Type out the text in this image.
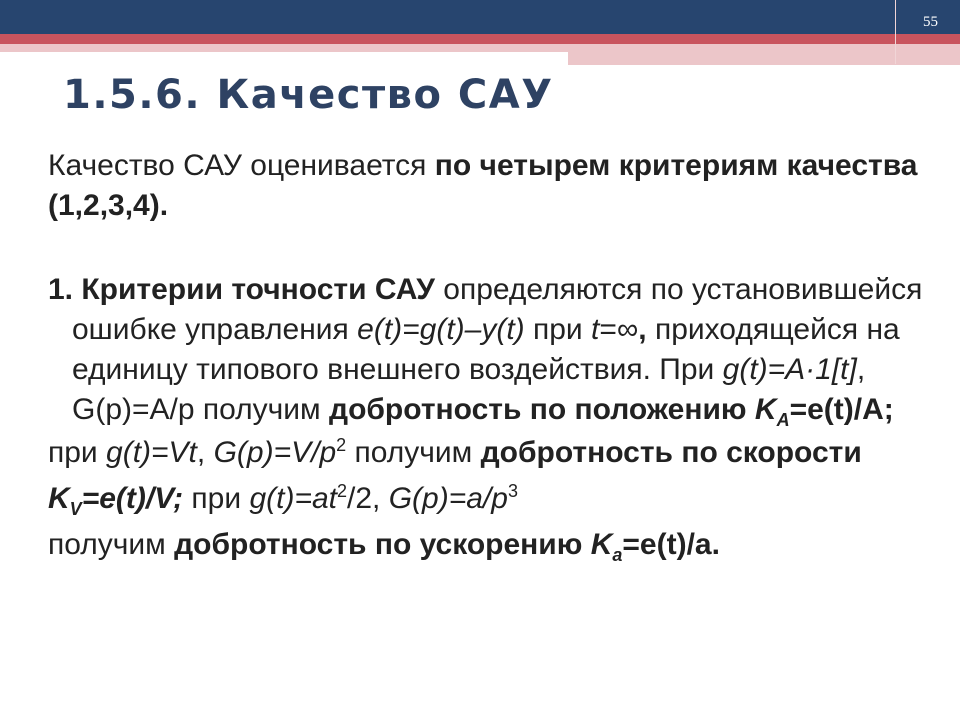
55
1.5.6. Качество САУ

Качество САУ оценивается по четырем критериям качества (1,2,3,4).

1. Критерии точности САУ определяются по установившейся ошибке управления e(t)=g(t)–y(t) при t=∞, приходящейся на единицу типового внешнего воздействия. При g(t)=A·1[t], G(p)=A/p получим добротность по положению $K_A=e(t)/A$;

при g(t)=Vt, $G(p)=V/p^2$ получим добротность по скорости $K_V=e(t)/V$; при $g(t)=at^2/2$, $G(p)=a/p^3$

получим добротность по ускорению $K_a=e(t)/a$.
